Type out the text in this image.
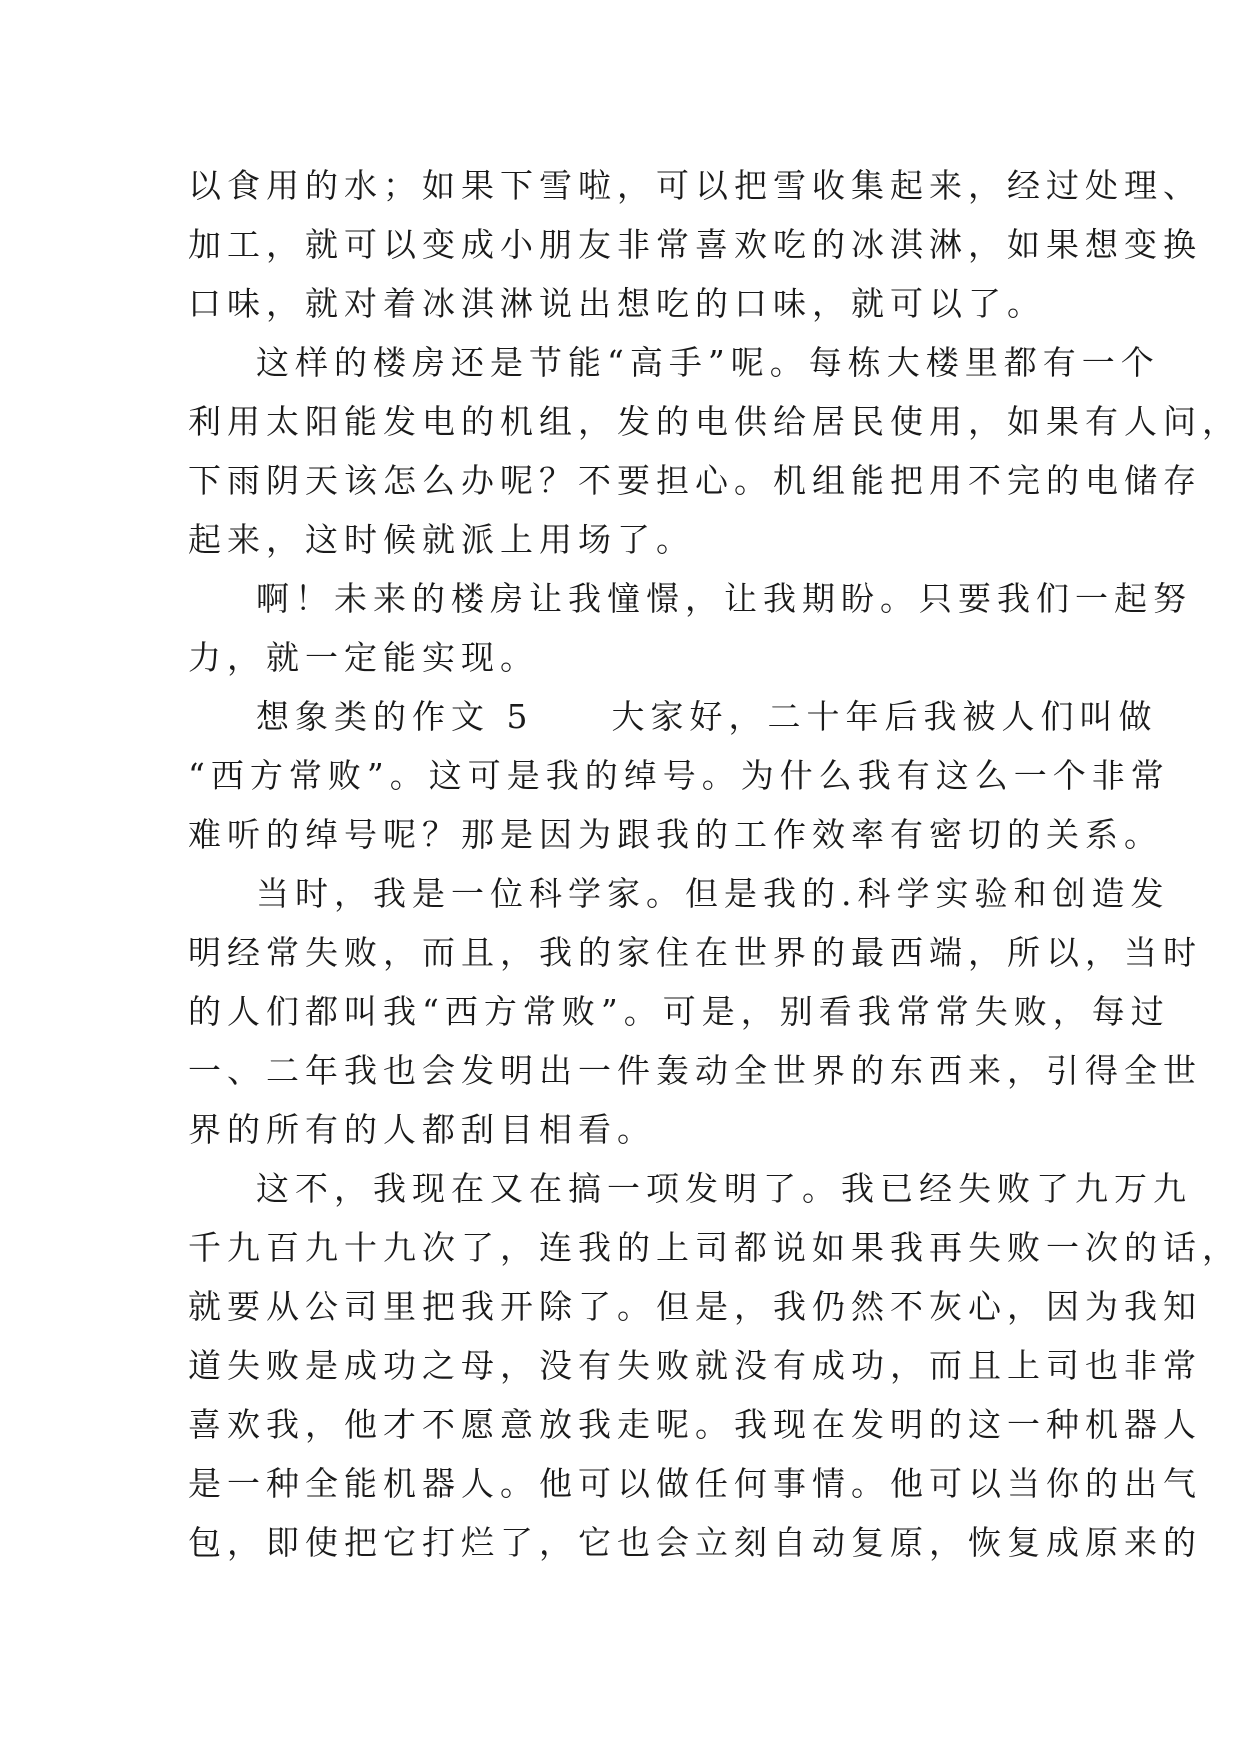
以食用的水；如果下雪啦，可以把雪收集起来，经过处理、
加工，就可以变成小朋友非常喜欢吃的冰淇淋，如果想变换
口味，就对着冰淇淋说出想吃的口味，就可以了。
这样的楼房还是节能“高手”呢。每栋大楼里都有一个
利用太阳能发电的机组，发的电供给居民使用，如果有人问，
下雨阴天该怎么办呢？不要担心。机组能把用不完的电储存
起来，这时候就派上用场了。
啊！未来的楼房让我憧憬，让我期盼。只要我们一起努
力，就一定能实现。
想象类的作文 5　　大家好，二十年后我被人们叫做
“西方常败”。这可是我的绰号。为什么我有这么一个非常
难听的绰号呢？那是因为跟我的工作效率有密切的关系。
当时，我是一位科学家。但是我的.科学实验和创造发
明经常失败，而且，我的家住在世界的最西端，所以，当时
的人们都叫我“西方常败”。可是，别看我常常失败，每过
一、二年我也会发明出一件轰动全世界的东西来，引得全世
界的所有的人都刮目相看。
这不，我现在又在搞一项发明了。我已经失败了九万九
千九百九十九次了，连我的上司都说如果我再失败一次的话，
就要从公司里把我开除了。但是，我仍然不灰心，因为我知
道失败是成功之母，没有失败就没有成功，而且上司也非常
喜欢我，他才不愿意放我走呢。我现在发明的这一种机器人
是一种全能机器人。他可以做任何事情。他可以当你的出气
包，即使把它打烂了，它也会立刻自动复原，恢复成原来的
